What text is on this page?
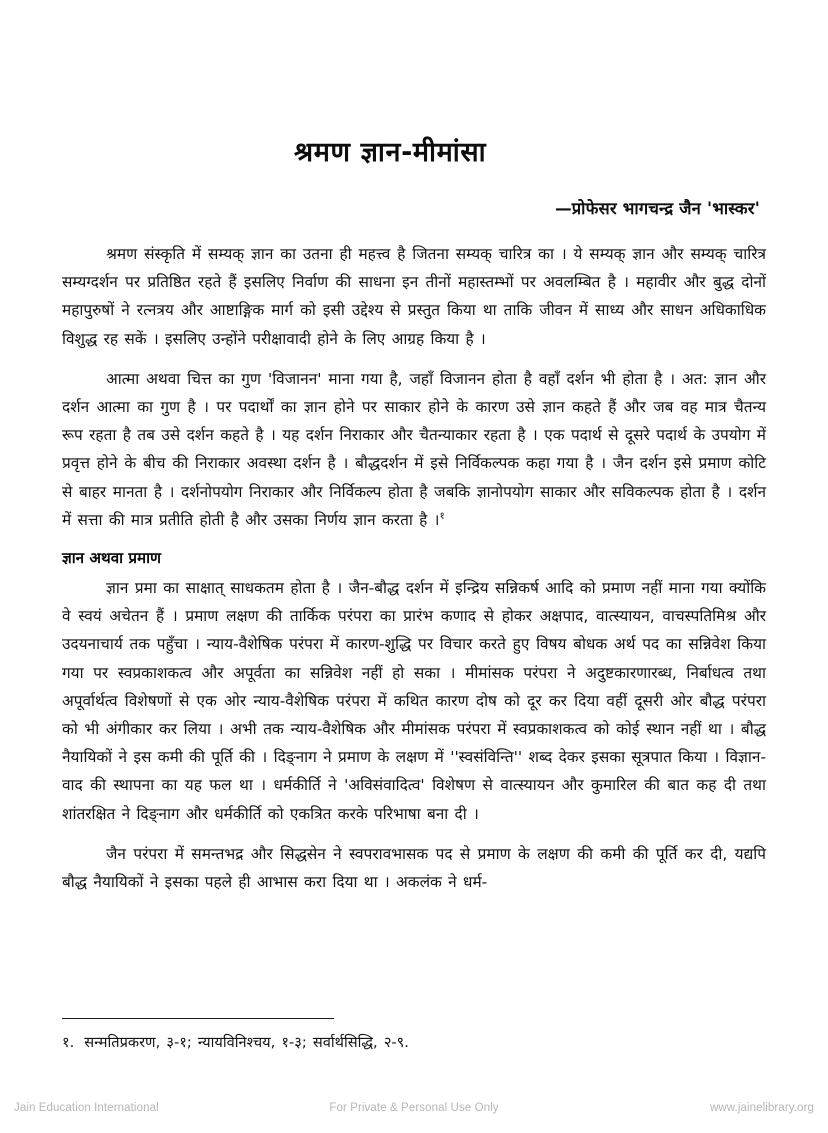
श्रमण ज्ञान-मीमांसा
—प्रोफेसर भागचन्द्र जैन 'भास्कर'

श्रमण संस्कृति में सम्यक् ज्ञान का उतना ही महत्त्व है जितना सम्यक् चारित्र का । ये सम्यक् ज्ञान और सम्यक् चारित्र सम्यग्दर्शन पर प्रतिष्ठित रहते हैं इसलिए निर्वाण की साधना इन तीनों महास्तम्भों पर अवलम्बित है । महावीर और बुद्ध दोनों महापुरुषों ने रत्नत्रय और आष्टाङ्गिक मार्ग को इसी उद्देश्य से प्रस्तुत किया था ताकि जीवन में साध्य और साधन अधिकाधिक विशुद्ध रह सकें । इसलिए उन्होंने परीक्षावादी होने के लिए आग्रह किया है ।

आत्मा अथवा चित्त का गुण 'विजानन' माना गया है, जहाँ विजानन होता है वहाँ दर्शन भी होता है । अत: ज्ञान और दर्शन आत्मा का गुण है । पर पदार्थों का ज्ञान होने पर साकार होने के कारण उसे ज्ञान कहते हैं और जब वह मात्र चैतन्य रूप रहता है तब उसे दर्शन कहते है । यह दर्शन निराकार और चैतन्याकार रहता है । एक पदार्थ से दूसरे पदार्थ के उपयोग में प्रवृत्त होने के बीच की निराकार अवस्था दर्शन है । बौद्धदर्शन में इसे निर्विकल्पक कहा गया है । जैन दर्शन इसे प्रमाण कोटि से बाहर मानता है । दर्शनोपयोग निराकार और निर्विकल्प होता है जबकि ज्ञानोपयोग साकार और सविकल्पक होता है । दर्शन में सत्ता की मात्र प्रतीति होती है और उसका निर्णय ज्ञान करता है ।$^१$

ज्ञान अथवा प्रमाण

ज्ञान प्रमा का साक्षात् साधकतम होता है । जैन-बौद्ध दर्शन में इन्द्रिय सन्निकर्ष आदि को प्रमाण नहीं माना गया क्योंकि वे स्वयं अचेतन हैं । प्रमाण लक्षण की तार्किक परंपरा का प्रारंभ कणाद से होकर अक्षपाद, वात्स्यायन, वाचस्पतिमिश्र और उदयनाचार्य तक पहुँचा । न्याय-वैशेषिक परंपरा में कारण-शुद्धि पर विचार करते हुए विषय बोधक अर्थ पद का सन्निवेश किया गया पर स्वप्रकाशकत्व और अपूर्वता का सन्निवेश नहीं हो सका । मीमांसक परंपरा ने अदुष्टकारणारब्ध, निर्बाधत्व तथा अपूर्वार्थत्व विशेषणों से एक ओर न्याय-वैशेषिक परंपरा में कथित कारण दोष को दूर कर दिया वहीं दूसरी ओर बौद्ध परंपरा को भी अंगीकार कर लिया । अभी तक न्याय-वैशेषिक और मीमांसक परंपरा में स्वप्रकाशकत्व को कोई स्थान नहीं था । बौद्ध नैयायिकों ने इस कमी की पूर्ति की । दिङ्नाग ने प्रमाण के लक्षण में ''स्वसंविन्ति'' शब्द देकर इसका सूत्रपात किया । विज्ञान-वाद की स्थापना का यह फल था । धर्मकीर्ति ने 'अविसंवादित्व' विशेषण से वात्स्यायन और कुमारिल की बात कह दी तथा शांतरक्षित ने दिङ्नाग और धर्मकीर्ति को एकत्रित करके परिभाषा बना दी ।

जैन परंपरा में समन्तभद्र और सिद्धसेन ने स्वपरावभासक पद से प्रमाण के लक्षण की कमी की पूर्ति कर दी, यद्यपि बौद्ध नैयायिकों ने इसका पहले ही आभास करा दिया था । अकलंक ने धर्म-

१. सन्मतिप्रकरण, ३-१; न्यायविनिश्चय, १-३; सर्वार्थसिद्धि, २-९.

Jain Education International	For Private & Personal Use Only	www.jainelibrary.org
